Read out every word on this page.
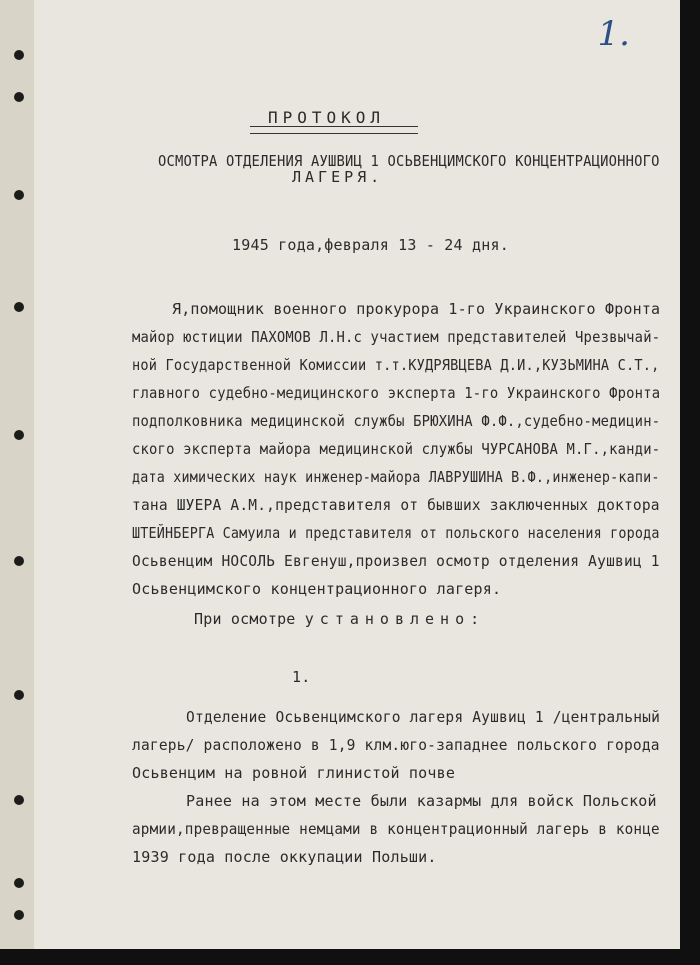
1.
ПРОТОКОЛ
ОСМОТРА ОТДЕЛЕНИЯ АУШВИЦ 1 ОСЬВЕНЦИМСКОГО КОНЦЕНТРАЦИОННОГО
ЛАГЕРЯ.
1945 года,февраля 13 - 24 дня.
Я,помощник военного прокурора 1-го Украинского Фронта
майор юстиции ПАХОМОВ Л.Н.с участием представителей Чрезвычай-
ной Государственной Комиссии т.т.КУДРЯВЦЕВА Д.И.,КУЗЬМИНА С.Т.,
главного судебно-медицинского эксперта 1-го Украинского Фронта
подполковника медицинской службы БРЮХИНА Ф.Ф.,судебно-медицин-
ского эксперта майора медицинской службы ЧУРСАНОВА М.Г.,канди-
дата химических наук инженер-майора ЛАВРУШИНА В.Ф.,инженер-капи-
тана ШУЕРА А.М.,представителя от бывших заключенных доктора
ШТЕЙНБЕРГА Самуила и представителя от польского населения города
Осьвенцим НОСОЛЬ Евгенуш,произвел осмотр отделения Аушвиц 1
Осьвенцимского концентрационного лагеря.
При осмотре установлено:
1.
Отделение Осьвенцимского лагеря Аушвиц 1 /центральный
лагерь/ расположено в 1,9 клм.юго-западнее польского города
Осьвенцим на ровной глинистой почве
Ранее на этом месте были казармы для войск Польской
армии,превращенные немцами в концентрационный лагерь в конце
1939 года после оккупации Польши.
